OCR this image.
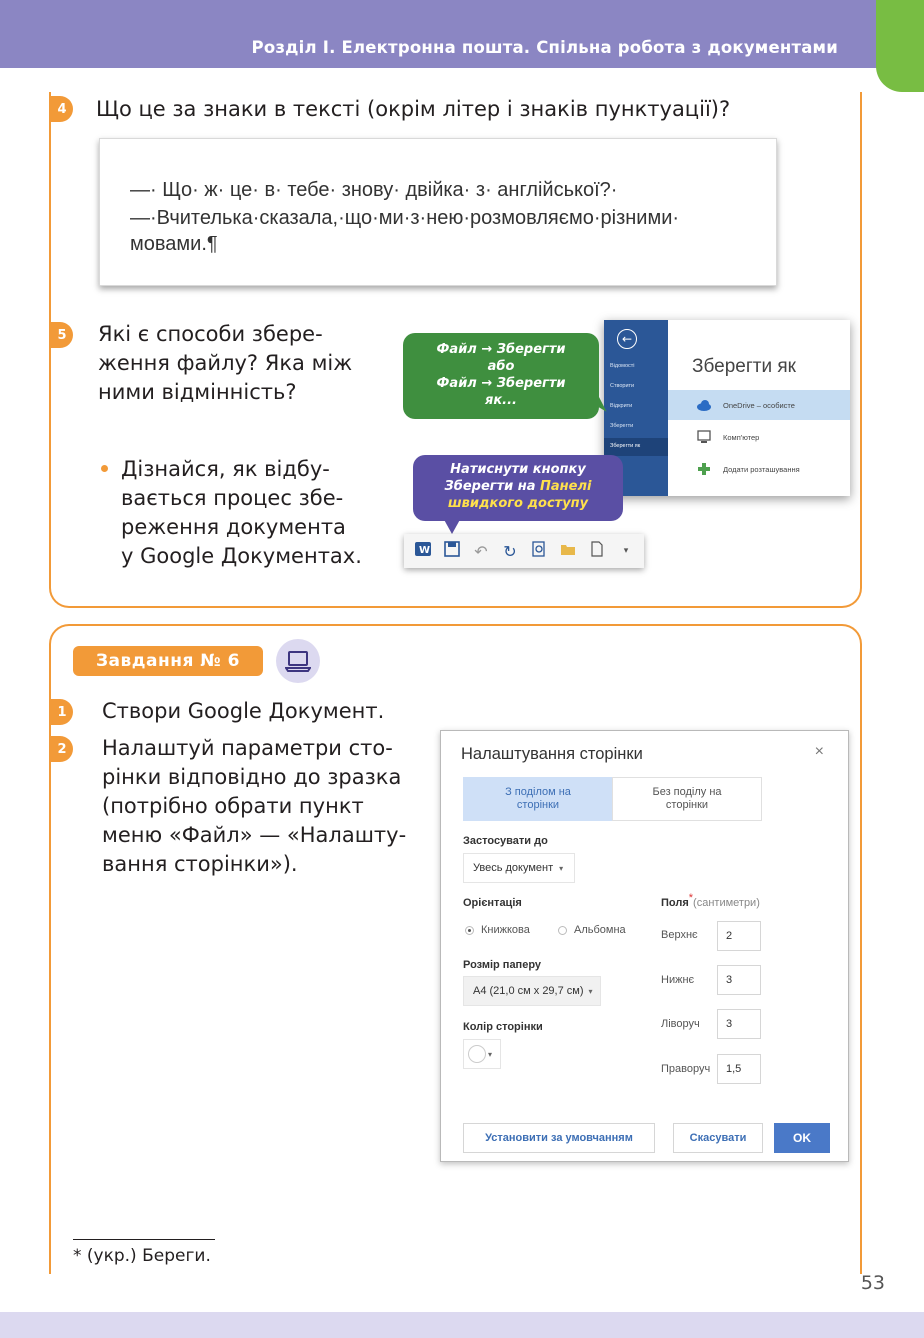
Розділ І. Електронна пошта. Спільна робота з документами
4	Що це за знаки в тексті (окрім літер і знаків пунктуації)?
—· Що· ж· це· в· тебе· знову· двійка· з· англійської?·
—·Вчителька·сказала,·що·ми·з·нею·розмовляємо·різними·
мовами.¶
5	Які є способи збере-
ження файлу? Яка між
ними відмінність?
Дізнайся, як відбу-
вається процес збе-
реження документа
у Google Документах.
←
Відомості
Створити
Відкрити
Зберегти
Зберегти як
Зберегти як
OneDrive – особисте
Комп'ютер
Додати розташування
Файл → Зберегти
або
Файл → Зберегти
як...
Натиснути кнопку
Зберегти на Панелі
швидкого доступу
W	↶ ↻	▾
Завдання № 6
1	Створи Google Документ.
2	Налаштуй параметри сто-
рінки відповідно до зразка
(потрібно обрати пункт
меню «Файл» — «Налашту-
вання сторінки»).
Налаштування сторінки	×
З поділом на
сторінки
Без поділу на
сторінки
Застосувати до
Увесь документ ▾
Орієнтація
Книжкова	Альбомна
Розмір паперу
А4 (21,0 см x 29,7 см) ▾
Колір сторінки
▾
Поля*(сантиметри)
Верхнє	2
Нижнє	3
Ліворуч	3
Праворуч	1,5
Установити за умовчанням	Скасувати	OK
* (укр.) Береги.
53
